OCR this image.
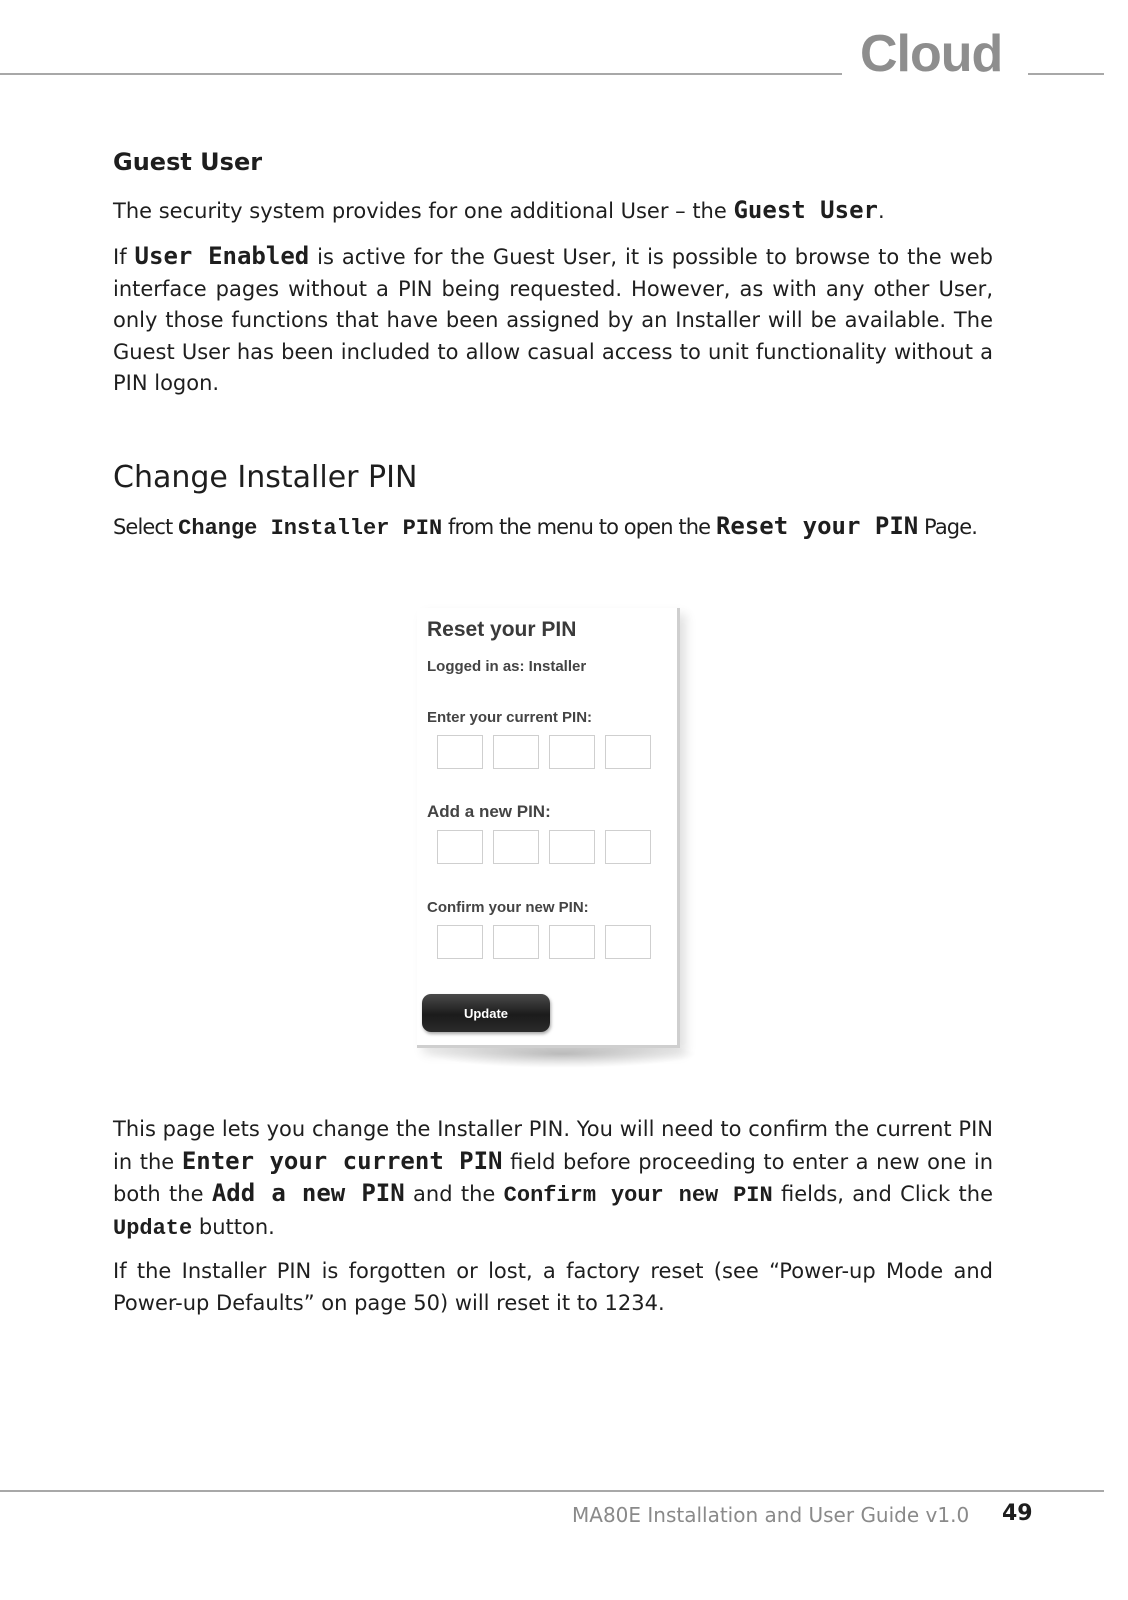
Cloud
Guest User

The security system provides for one additional User – the Guest User.

If User Enabled is active for the Guest User, it is possible to browse to the web interface pages without a PIN being requested. However, as with any other User, only those functions that have been assigned by an Installer will be available. The Guest User has been included to allow casual access to unit functionality without a PIN logon.

Change Installer PIN
Select Change Installer PIN from the menu to open the Reset your PIN Page.
Reset your PIN
Logged in as: Installer
Enter your current PIN:
Add a new PIN:
Confirm your new PIN:
Update

This page lets you change the Installer PIN. You will need to confirm the current PIN in the Enter your current PIN field before proceeding to enter a new one in both the Add a new PIN and the Confirm your new PIN fields, and Click the Update button.

If the Installer PIN is forgotten or lost, a factory reset (see “Power-up Mode and Power-up Defaults” on page 50) will reset it to 1234.

MA80E Installation and User Guide v1.0 49
